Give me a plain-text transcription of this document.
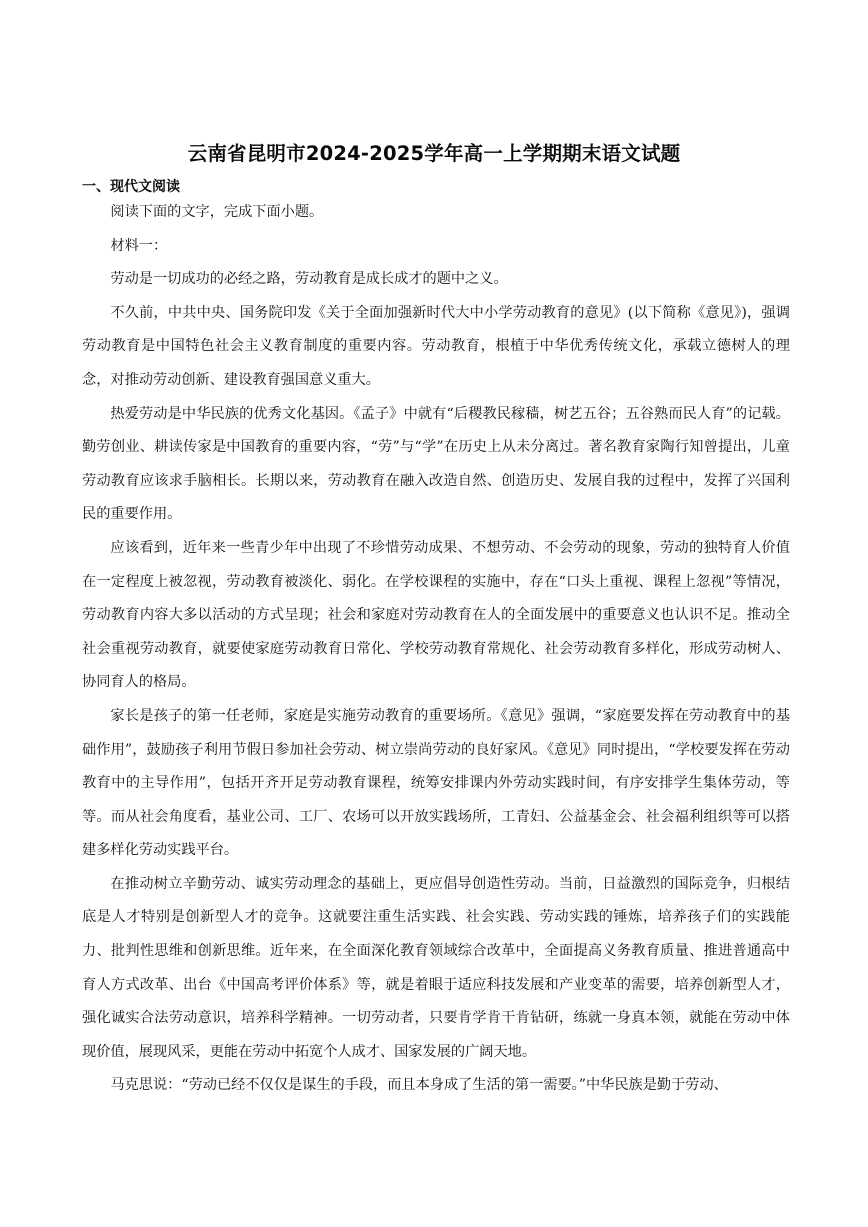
云南省昆明市2024-2025学年高一上学期期末语文试题
一、现代文阅读

阅读下面的文字，完成下面小题。

材料一：

劳动是一切成功的必经之路，劳动教育是成长成才的题中之义。

不久前，中共中央、国务院印发《关于全面加强新时代大中小学劳动教育的意见》(以下简称《意见》)，强调劳动教育是中国特色社会主义教育制度的重要内容。劳动教育，根植于中华优秀传统文化，承载立德树人的理念，对推动劳动创新、建设教育强国意义重大。

热爱劳动是中华民族的优秀文化基因。《孟子》中就有“后稷教民稼穑，树艺五谷；五谷熟而民人育”的记载。勤劳创业、耕读传家是中国教育的重要内容，“劳”与“学”在历史上从未分离过。著名教育家陶行知曾提出，儿童劳动教育应该求手脑相长。长期以来，劳动教育在融入改造自然、创造历史、发展自我的过程中，发挥了兴国利民的重要作用。

应该看到，近年来一些青少年中出现了不珍惜劳动成果、不想劳动、不会劳动的现象，劳动的独特育人价值在一定程度上被忽视，劳动教育被淡化、弱化。在学校课程的实施中，存在“口头上重视、课程上忽视”等情况，劳动教育内容大多以活动的方式呈现；社会和家庭对劳动教育在人的全面发展中的重要意义也认识不足。推动全社会重视劳动教育，就要使家庭劳动教育日常化、学校劳动教育常规化、社会劳动教育多样化，形成劳动树人、协同育人的格局。

家长是孩子的第一任老师，家庭是实施劳动教育的重要场所。《意见》强调，“家庭要发挥在劳动教育中的基础作用”，鼓励孩子利用节假日参加社会劳动、树立崇尚劳动的良好家风。《意见》同时提出，“学校要发挥在劳动教育中的主导作用”，包括开齐开足劳动教育课程，统筹安排课内外劳动实践时间，有序安排学生集体劳动，等等。而从社会角度看，基业公司、工厂、农场可以开放实践场所，工青妇、公益基金会、社会福利组织等可以搭建多样化劳动实践平台。

在推动树立辛勤劳动、诚实劳动理念的基础上，更应倡导创造性劳动。当前，日益激烈的国际竞争，归根结底是人才特别是创新型人才的竞争。这就要注重生活实践、社会实践、劳动实践的锤炼，培养孩子们的实践能力、批判性思维和创新思维。近年来，在全面深化教育领域综合改革中，全面提高义务教育质量、推进普通高中育人方式改革、出台《中国高考评价体系》等，就是着眼于适应科技发展和产业变革的需要，培养创新型人才，强化诚实合法劳动意识，培养科学精神。一切劳动者，只要肯学肯干肯钻研，练就一身真本领，就能在劳动中体现价值，展现风采，更能在劳动中拓宽个人成才、国家发展的广阔天地。

马克思说：“劳动已经不仅仅是谋生的手段，而且本身成了生活的第一需要。”中华民族是勤于劳动、
